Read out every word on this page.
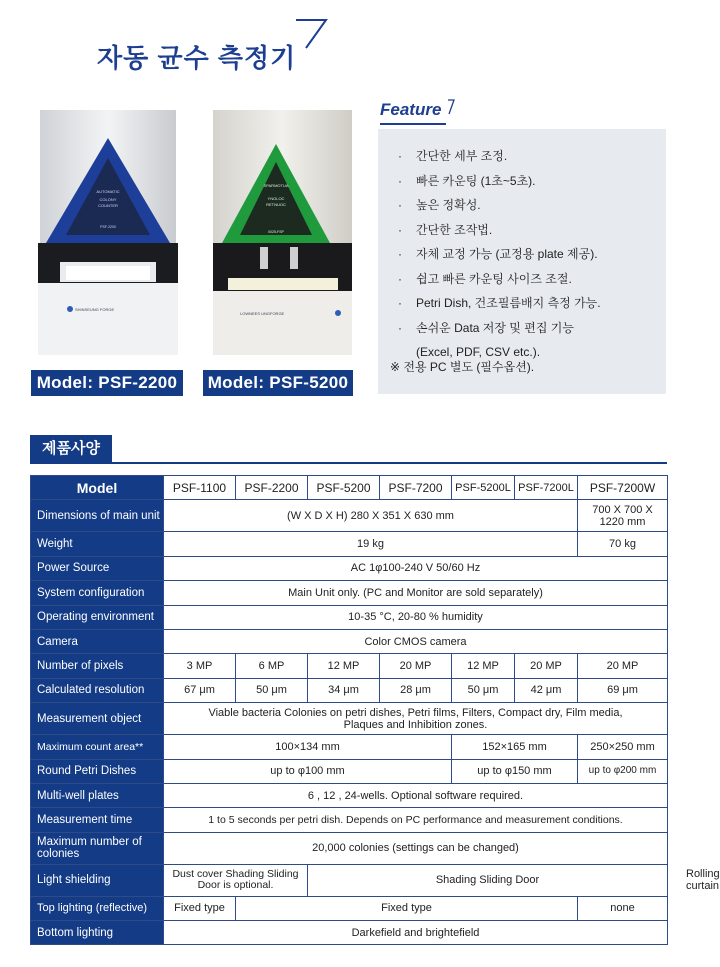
자동 균수 측정기
AUTOMATIC
COLONY
COUNTER
PSF-2200
SHINSEUNG FORGE
Model: PSF-2200
SPARMOTUA
YNOLOC
RETNUOC
0025-FSP
LOWNEES UNGFORGE
Model: PSF-5200
Feature
· 간단한 세부 조정.
· 빠른 카운팅 (1초~5초).
· 높은 정확성.
· 간단한 조작법.
· 자체 교정 가능 (교정용 plate 제공).
· 쉽고 빠른 카운팅 사이즈 조절.
· Petri Dish, 건조필름배지 측정 가능.
· 손쉬운 Data 저장 및 편집 기능
(Excel, PDF, CSV etc.).
※ 전용 PC 별도 (필수옵션).
제품사양
Model	PSF-1100	PSF-2200	PSF-5200	PSF-7200	PSF-5200L	PSF-7200L	PSF-7200W	
Dimensions of main unit	(W X D X H) 280 X 351 X 630 mm						700 X 700 X 1220 mm	
Weight	19 kg						70 kg	
Power Source	AC 1φ100-240 V 50/60 Hz							
System configuration	Main Unit only. (PC and Monitor are sold separately)							
Operating environment	10-35 °C, 20-80 % humidity							
Camera	Color CMOS camera							
Number of pixels	3 MP	6 MP	12 MP	20 MP	12 MP	20 MP	20 MP	
Calculated resolution	67 μm	50 μm	34 μm	28 μm	50 μm	42 μm	69 μm	
Measurement object	Viable bacteria Colonies on petri dishes, Petri films, Filters, Compact dry, Film media, Plaques and Inhibition zones.							
Maximum count area**	100×134 mm				152×165 mm		250×250 mm	
Round Petri Dishes	up to φ100 mm				up to φ150 mm		up to φ200 mm	
Multi-well plates	6 , 12 , 24-wells. Optional software required.							
Measurement time	1 to 5 seconds per petri dish. Depends on PC performance and measurement conditions.							
Maximum number of colonies	20,000 colonies (settings can be changed)							
Light shielding	Dust cover Shading Sliding Door is optional.		Shading Sliding Door					Rolling curtain
Top lighting (reflective)	Fixed type	Fixed type					none	
Bottom lighting	Darkefield and brightefield							
